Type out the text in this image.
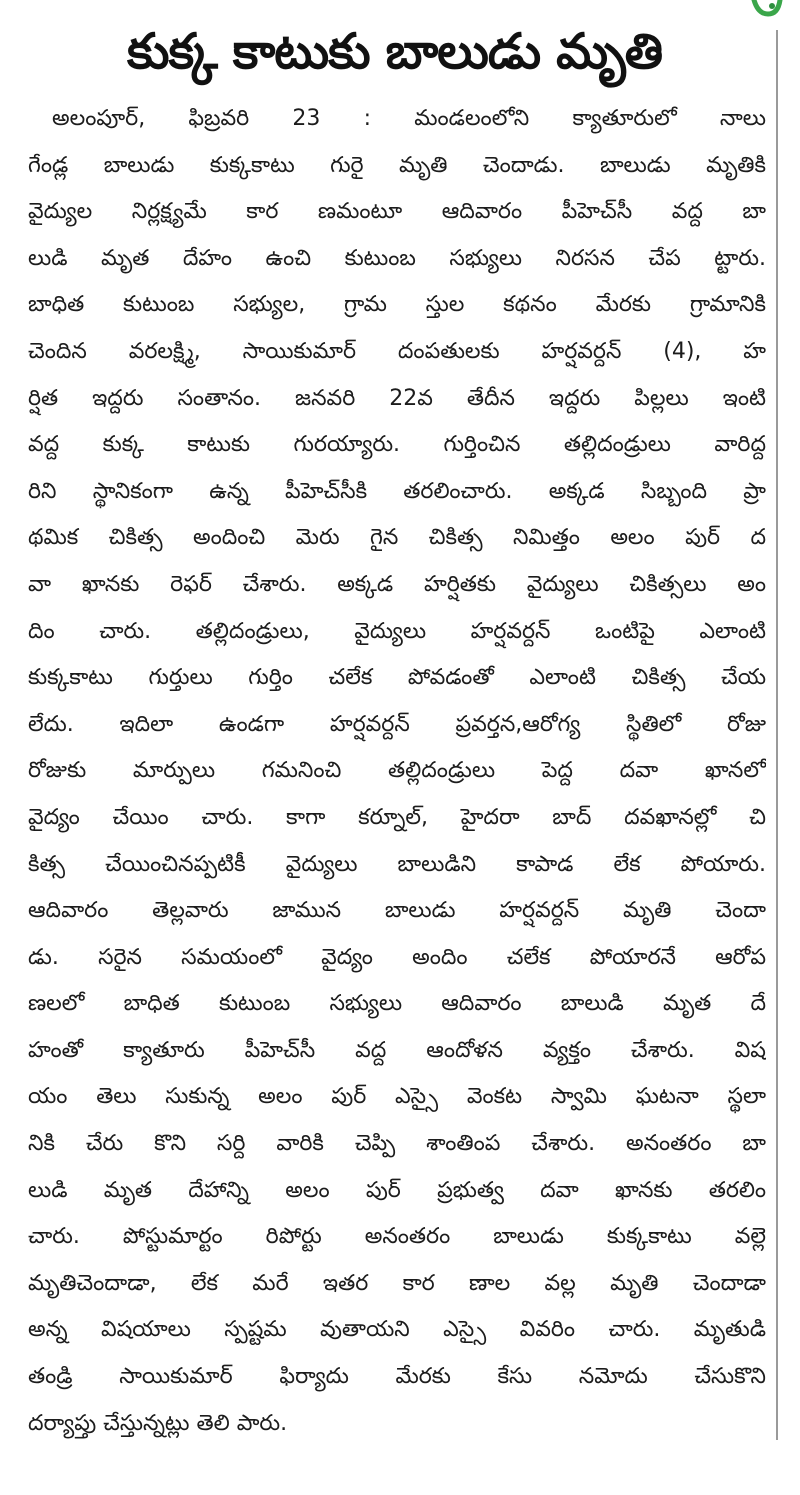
కుక్క కాటుకు బాలుడు మృతి
అలంపూర్, ఫిబ్రవరి 23 : మండలంలోని క్యాతూరులో నాలు
గేండ్ల బాలుడు కుక్కకాటు గురై మృతి చెందాడు. బాలుడు మృతికి
వైద్యుల నిర్లక్ష్యమే కార ణమంటూ ఆదివారం పీహెచ్‌సీ వద్ద బా
లుడి మృత దేహం ఉంచి కుటుంబ సభ్యులు నిరసన చేప ట్టారు.
బాధిత కుటుంబ సభ్యుల, గ్రామ స్తుల కథనం మేరకు గ్రామానికి
చెందిన వరలక్ష్మి, సాయికుమార్ దంపతులకు హర్షవర్దన్ (4), హ
ర్షిత ఇద్దరు సంతానం. జనవరి 22వ తేదీన ఇద్దరు పిల్లలు ఇంటి
వద్ద కుక్క కాటుకు గురయ్యారు. గుర్తించిన తల్లిదండ్రులు వారిద్ద
రిని స్థానికంగా ఉన్న పీహెచ్‌సీకి తరలించారు. అక్కడ సిబ్బంది ప్రా
థమిక చికిత్స అందించి మెరు గైన చికిత్స నిమిత్తం అలం పుర్ ద
వా ఖానకు రెఫర్ చేశారు. అక్కడ హర్షితకు వైద్యులు చికిత్సలు అం
దిం చారు. తల్లిదండ్రులు, వైద్యులు హర్షవర్దన్ ఒంటిపై ఎలాంటి
కుక్కకాటు గుర్తులు గుర్తిం చలేక పోవడంతో ఎలాంటి చికిత్స చేయ
లేదు. ఇదిలా ఉండగా హర్షవర్దన్ ప్రవర్తన,ఆరోగ్య స్థితిలో రోజు
రోజుకు మార్పులు గమనించి తల్లిదండ్రులు పెద్ద దవా ఖానలో
వైద్యం చేయిం చారు. కాగా కర్నూల్, హైదరా బాద్ దవఖానల్లో చి
కిత్స చేయించినప్పటికీ వైద్యులు బాలుడిని కాపాడ లేక పోయారు.
ఆదివారం తెల్లవారు జామున బాలుడు హర్షవర్దన్ మృతి చెందా
డు. సరైన సమయంలో వైద్యం అందిం చలేక పోయారనే ఆరోప
ణలలో బాధిత కుటుంబ సభ్యులు ఆదివారం బాలుడి మృత దే
హంతో క్యాతూరు పీహెచ్‌సీ వద్ద ఆందోళన వ్యక్తం చేశారు. విష
యం తెలు సుకున్న అలం పుర్ ఎస్సై వెంకట స్వామి ఘటనా స్థలా
నికి చేరు కొని సర్ది వారికి చెప్పి శాంతింప చేశారు. అనంతరం బా
లుడి మృత దేహాన్ని అలం పుర్ ప్రభుత్వ దవా ఖానకు తరలిం
చారు. పోస్టుమార్టం రిపోర్టు అనంతరం బాలుడు కుక్కకాటు వల్లె
మృతిచెందాడా, లేక మరే ఇతర కార ణాల వల్ల మృతి చెందాడా
అన్న విషయాలు స్పష్టమ వుతాయని ఎస్సై వివరిం చారు. మృతుడి
తండ్రి సాయికుమార్ ఫిర్యాదు మేరకు కేసు నమోదు చేసుకొని
దర్యాప్తు చేస్తున్నట్లు తెలి పారు.
